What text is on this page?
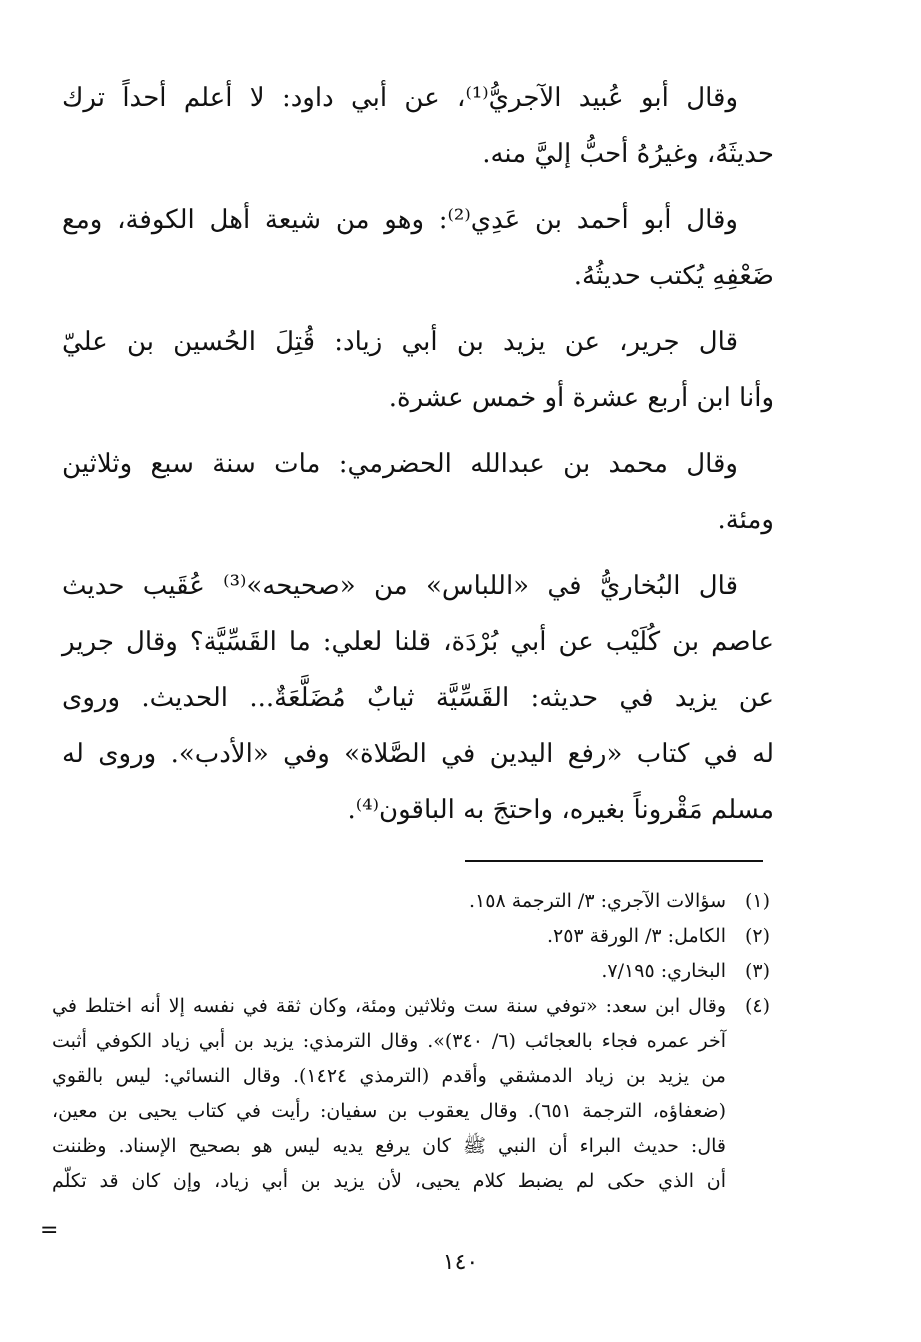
وقال أبو عُبيد الآجريُّ⁽¹⁾، عن أبي داود: لا أعلم أحداً ترك
حديثَهُ، وغيرُهُ أحبُّ إليَّ منه.
وقال أبو أحمد بن عَدِي⁽²⁾: وهو من شيعة أهل الكوفة، ومع
ضَعْفِهِ يُكتب حديثُهُ.
قال جرير، عن يزيد بن أبي زياد: قُتِلَ الحُسين بن عليّ
وأنا ابن أربع عشرة أو خمس عشرة.
وقال محمد بن عبدالله الحضرمي: مات سنة سبع وثلاثين
ومئة.
قال البُخاريُّ في «اللباس» من «صحيحه»⁽³⁾ عُقَيب حديث
عاصم بن كُلَيْب عن أبي بُرْدَة، قلنا لعلي: ما القَسِّيَّة؟ وقال جرير
عن يزيد في حديثه: القَسِّيَّة ثيابٌ مُضَلَّعَةٌ... الحديث. وروى
له في كتاب «رفع اليدين في الصَّلاة» وفي «الأدب». وروى له
مسلم مَقْروناً بغيره، واحتجَ به الباقون⁽⁴⁾.
(١)
سؤالات الآجري: ٣/ الترجمة ١٥٨.
(٢)
الكامل: ٣/ الورقة ٢٥٣.
(٣)
البخاري: ٧/١٩٥.
(٤)
وقال ابن سعد: «توفي سنة ست وثلاثين ومئة، وكان ثقة في نفسه إلا أنه اختلط في
آخر عمره فجاء بالعجائب (٦/ ٣٤٠)». وقال الترمذي: يزيد بن أبي زياد الكوفي أثبت
من يزيد بن زياد الدمشقي وأقدم (الترمذي ١٤٢٤). وقال النسائي: ليس بالقوي
(ضعفاؤه، الترجمة ٦٥١). وقال يعقوب بن سفيان: رأيت في كتاب يحيى بن معين،
قال: حديث البراء أن النبي ﷺ كان يرفع يديه ليس هو بصحيح الإسناد. وظننت
أن الذي حكى لم يضبط كلام يحيى، لأن يزيد بن أبي زياد، وإن كان قد تكلّم
=
١٤٠
